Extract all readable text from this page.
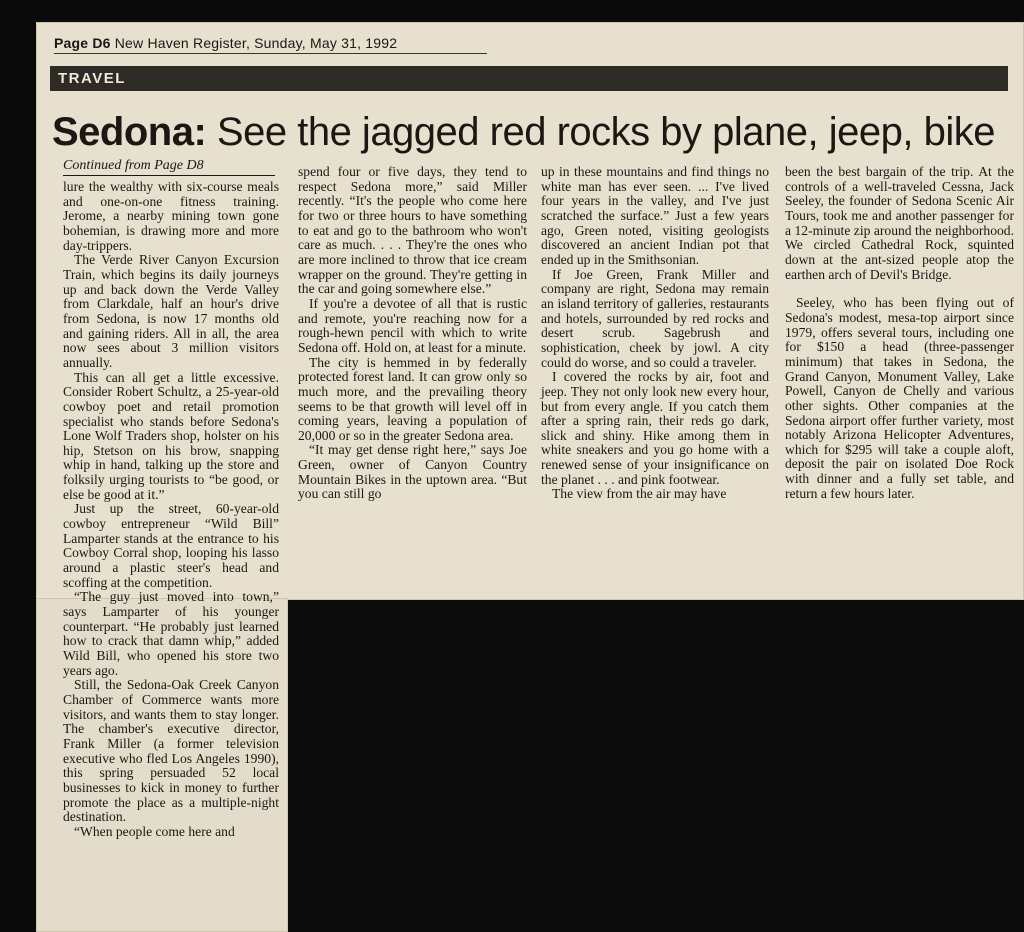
Page D6 New Haven Register, Sunday, May 31, 1992
TRAVEL
Sedona: See the jagged red rocks by plane, jeep, bike
Continued from Page D8

lure the wealthy with six-course meals and one-on-one fitness training. Jerome, a nearby mining town gone bohemian, is drawing more and more day-trippers.

The Verde River Canyon Excursion Train, which begins its daily journeys up and back down the Verde Valley from Clarkdale, half an hour's drive from Sedona, is now 17 months old and gaining riders. All in all, the area now sees about 3 million visitors annually.

This can all get a little excessive. Consider Robert Schultz, a 25-year-old cowboy poet and retail promotion specialist who stands before Sedona's Lone Wolf Traders shop, holster on his hip, Stetson on his brow, snapping whip in hand, talking up the store and folksily urging tourists to “be good, or else be good at it.”

Just up the street, 60-year-old cowboy entrepreneur “Wild Bill” Lamparter stands at the entrance to his Cowboy Corral shop, looping his lasso around a plastic steer's head and scoffing at the competition.

“The guy just moved into town,” says Lamparter of his younger counterpart. “He probably just learned how to crack that damn whip,” added Wild Bill, who opened his store two years ago.

Still, the Sedona-Oak Creek Canyon Chamber of Commerce wants more visitors, and wants them to stay longer. The chamber's executive director, Frank Miller (a former television executive who fled Los Angeles 1990), this spring persuaded 52 local businesses to kick in money to further promote the place as a multiple-night destination.

“When people come here and

spend four or five days, they tend to respect Sedona more,” said Miller recently. “It's the people who come here for two or three hours to have something to eat and go to the bathroom who won't care as much. . . . They're the ones who are more inclined to throw that ice cream wrapper on the ground. They're getting in the car and going somewhere else.”

If you're a devotee of all that is rustic and remote, you're reaching now for a rough-hewn pencil with which to write Sedona off. Hold on, at least for a minute.

The city is hemmed in by federally protected forest land. It can grow only so much more, and the prevailing theory seems to be that growth will level off in coming years, leaving a population of 20,000 or so in the greater Sedona area.

“It may get dense right here,” says Joe Green, owner of Canyon Country Mountain Bikes in the uptown area. “But you can still go

up in these mountains and find things no white man has ever seen. ... I've lived four years in the valley, and I've just scratched the surface.” Just a few years ago, Green noted, visiting geologists discovered an ancient Indian pot that ended up in the Smithsonian.

If Joe Green, Frank Miller and company are right, Sedona may remain an island territory of galleries, restaurants and hotels, surrounded by red rocks and desert scrub. Sagebrush and sophistication, cheek by jowl. A city could do worse, and so could a traveler.

I covered the rocks by air, foot and jeep. They not only look new every hour, but from every angle. If you catch them after a spring rain, their reds go dark, slick and shiny. Hike among them in white sneakers and you go home with a renewed sense of your insignificance on the planet . . . and pink footwear.

The view from the air may have

been the best bargain of the trip. At the controls of a well-traveled Cessna, Jack Seeley, the founder of Sedona Scenic Air Tours, took me and another passenger for a 12-minute zip around the neighborhood. We circled Cathedral Rock, squinted down at the ant-sized people atop the earthen arch of Devil's Bridge.

Seeley, who has been flying out of Sedona's modest, mesa-top airport since 1979, offers several tours, including one for $150 a head (three-passenger minimum) that takes in Sedona, the Grand Canyon, Monument Valley, Lake Powell, Canyon de Chelly and various other sights. Other companies at the Sedona airport offer further variety, most notably Arizona Helicopter Adventures, which for $295 will take a couple aloft, deposit the pair on isolated Doe Rock with dinner and a fully set table, and return a few hours later.
